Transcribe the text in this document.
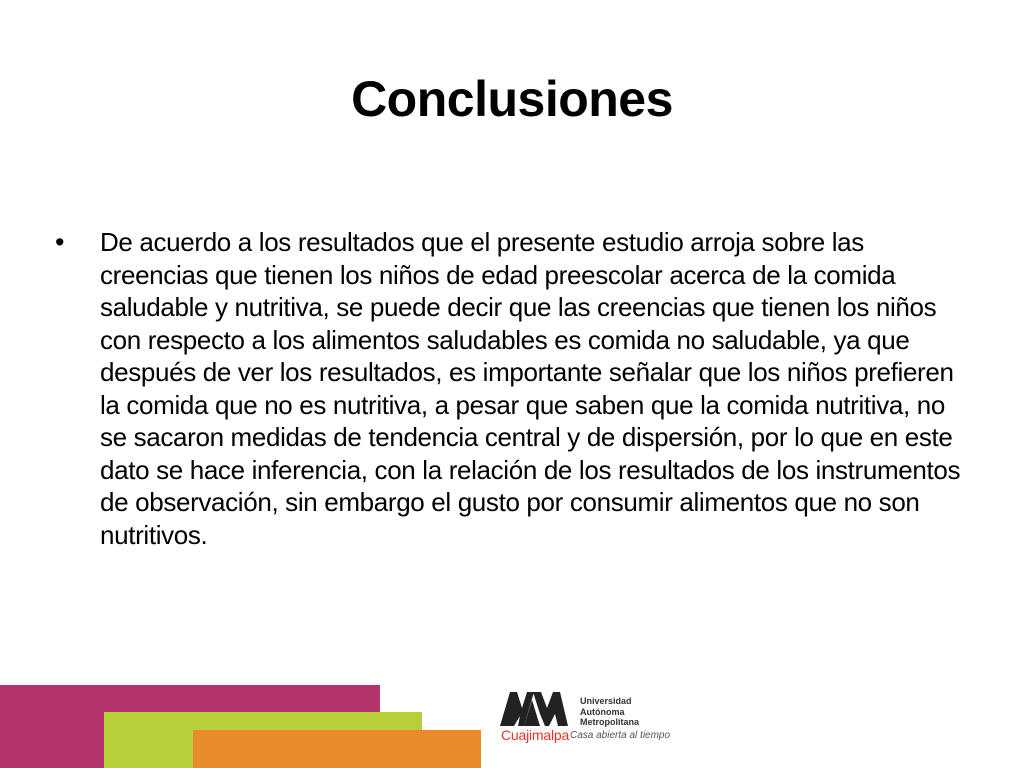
Conclusiones
• De acuerdo a los resultados que el presente estudio arroja sobre las creencias que tienen los niños de edad preescolar acerca de la comida saludable y nutritiva, se puede decir que las creencias que tienen los niños con respecto a los alimentos saludables es comida no saludable, ya que después de ver los resultados, es importante señalar que los niños prefieren la comida que no es nutritiva, a pesar que saben que la comida nutritiva, no se sacaron medidas de tendencia central y de dispersión, por lo que en este dato se hace inferencia, con la relación de los resultados de los instrumentos de observación, sin embargo el gusto por consumir alimentos que no son nutritivos.
Cuajimalpa
Universidad
Autónoma
Metropolitana
Casa abierta al tiempo
